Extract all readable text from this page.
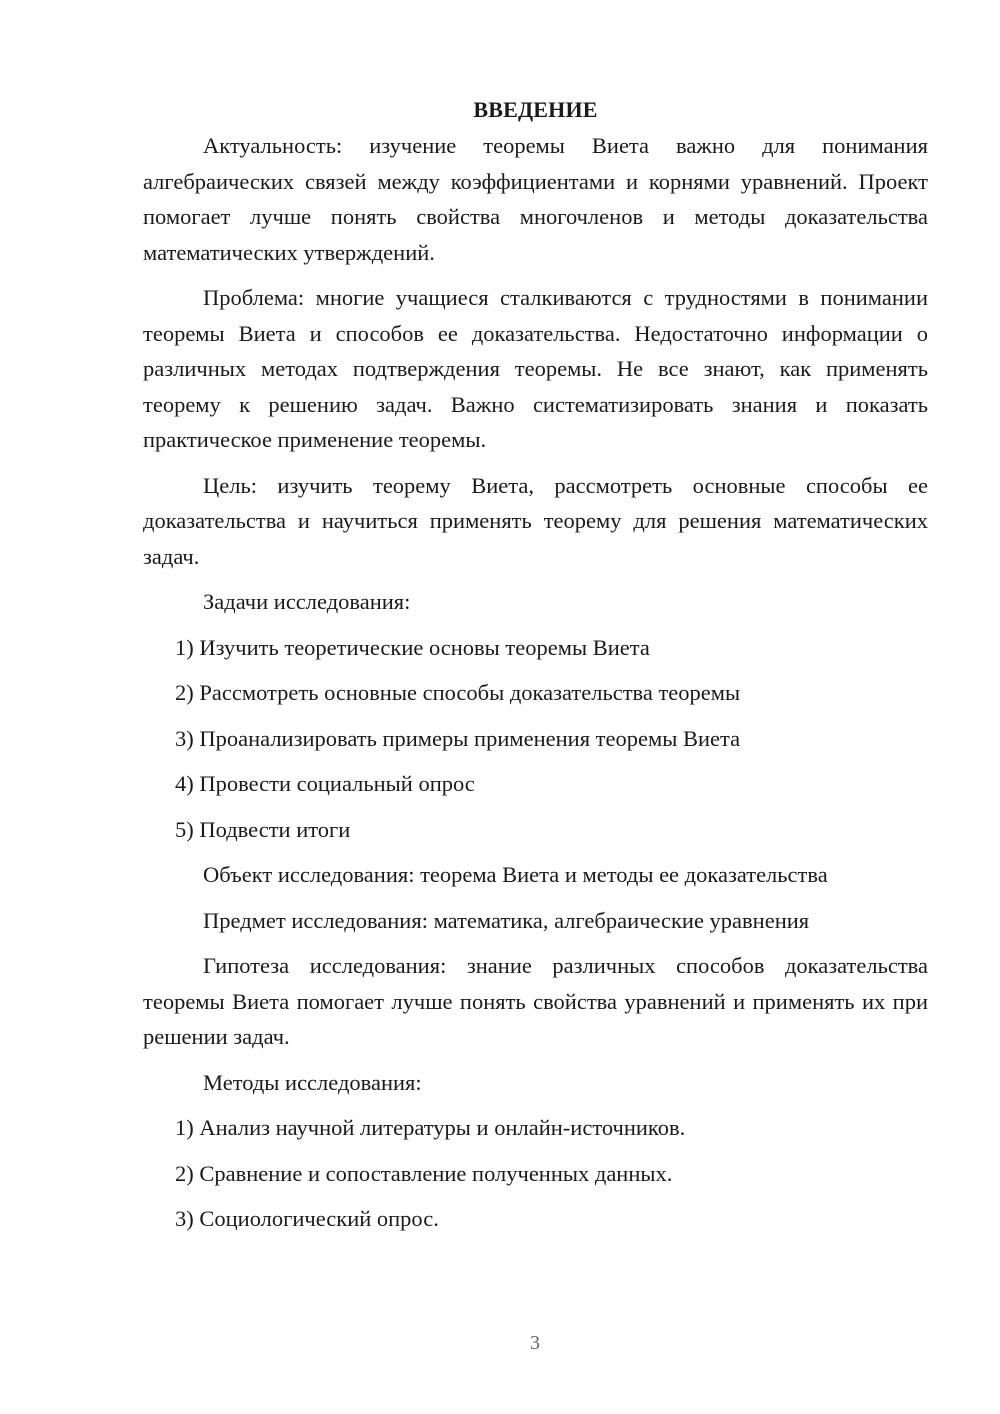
ВВЕДЕНИЕ

Актуальность: изучение теоремы Виета важно для понимания алгебраических связей между коэффициентами и корнями уравнений. Проект помогает лучше понять свойства многочленов и методы доказательства математических утверждений.

Проблема: многие учащиеся сталкиваются с трудностями в понимании теоремы Виета и способов ее доказательства. Недостаточно информации о различных методах подтверждения теоремы. Не все знают, как применять теорему к решению задач. Важно систематизировать знания и показать практическое применение теоремы.

Цель: изучить теорему Виета, рассмотреть основные способы ее доказательства и научиться применять теорему для решения математических задач.

Задачи исследования:
1) Изучить теоретические основы теоремы Виета
2) Рассмотреть основные способы доказательства теоремы
3) Проанализировать примеры применения теоремы Виета
4) Провести социальный опрос
5) Подвести итоги
Объект исследования: теорема Виета и методы ее доказательства
Предмет исследования: математика, алгебраические уравнения

Гипотеза исследования: знание различных способов доказательства теоремы Виета помогает лучше понять свойства уравнений и применять их при решении задач.

Методы исследования:
1) Анализ научной литературы и онлайн-источников.
2) Сравнение и сопоставление полученных данных.
3) Социологический опрос.
3
